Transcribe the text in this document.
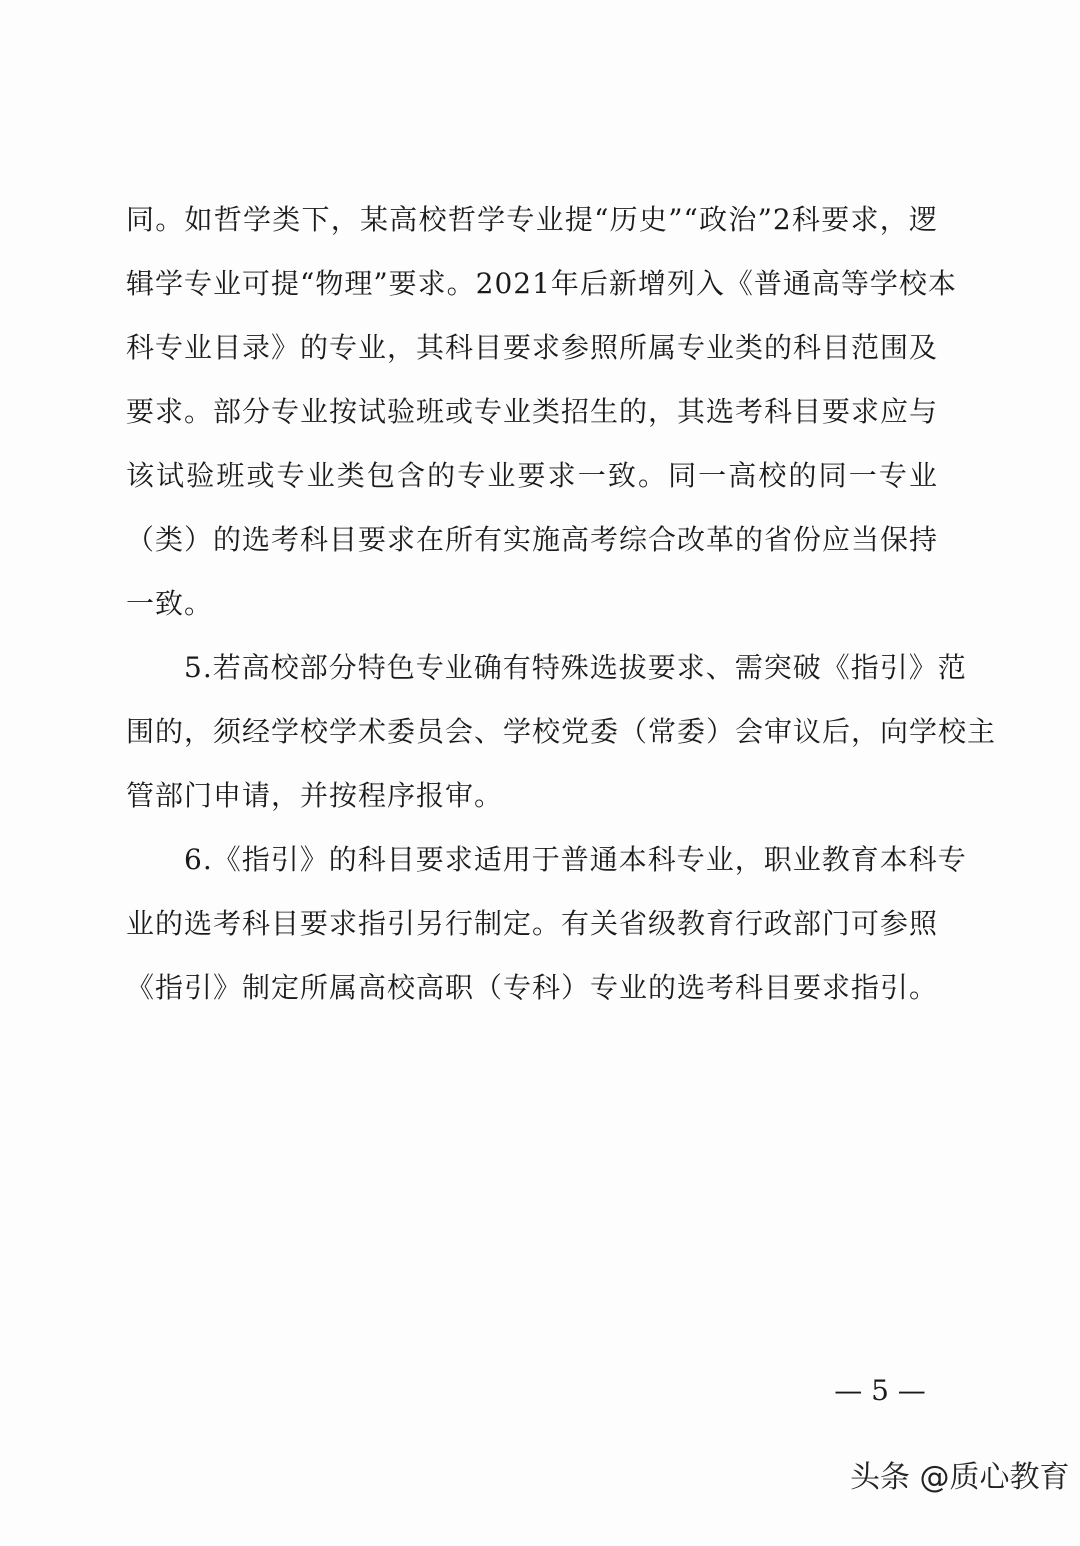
同。如哲学类下，某高校哲学专业提“历史”“政治”2科要求，逻
辑学专业可提“物理”要求。2021年后新增列入《普通高等学校本
科专业目录》的专业，其科目要求参照所属专业类的科目范围及
要求。部分专业按试验班或专业类招生的，其选考科目要求应与
该试验班或专业类包含的专业要求一致。同一高校的同一专业
（类）的选考科目要求在所有实施高考综合改革的省份应当保持
一致。
5.若高校部分特色专业确有特殊选拔要求、需突破《指引》范
围的，须经学校学术委员会、学校党委（常委）会审议后，向学校主
管部门申请，并按程序报审。
6.《指引》的科目要求适用于普通本科专业，职业教育本科专
业的选考科目要求指引另行制定。有关省级教育行政部门可参照
《指引》制定所属高校高职（专科）专业的选考科目要求指引。
— 5 —
头条 @质心教育
